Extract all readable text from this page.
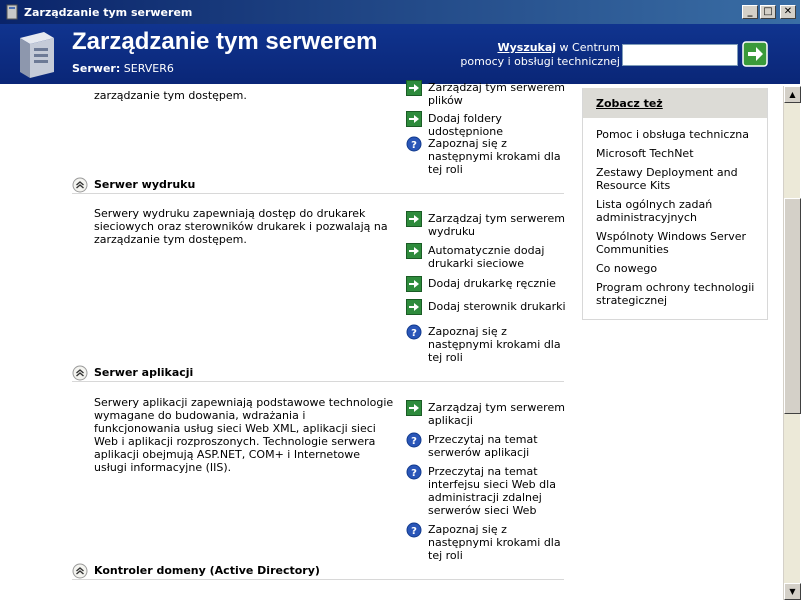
Zarządzanie tym serwerem	_	□	✕
Zarządzanie tym serwerem
Serwer: SERVER6
Wyszukaj w Centrum pomocy i obsługi technicznej
zarządzanie tym dostępem.
Zarządzaj tym serwerem plików
Dodaj foldery udostępnione
? Zapoznaj się z następnymi krokami dla tej roli
Serwer wydruku
Serwery wydruku zapewniają dostęp do drukarek sieciowych oraz sterowników drukarek i pozwalają na zarządzanie tym dostępem.
Zarządzaj tym serwerem wydruku
Automatycznie dodaj drukarki sieciowe
Dodaj drukarkę ręcznie
Dodaj sterownik drukarki
? Zapoznaj się z następnymi krokami dla tej roli
Serwer aplikacji
Serwery aplikacji zapewniają podstawowe technologie wymagane do budowania, wdrażania i funkcjonowania usług sieci Web XML, aplikacji sieci Web i aplikacji rozproszonych. Technologie serwera aplikacji obejmują ASP.NET, COM+ i Internetowe usługi informacyjne (IIS).
Zarządzaj tym serwerem aplikacji
? Przeczytaj na temat serwerów aplikacji
? Przeczytaj na temat interfejsu sieci Web dla administracji zdalnej serwerów sieci Web
? Zapoznaj się z następnymi krokami dla tej roli
Kontroler domeny (Active Directory)
Zobacz też
Pomoc i obsługa techniczna
Microsoft TechNet
Zestawy Deployment and Resource Kits
Lista ogólnych zadań administracyjnych
Wspólnoty Windows Server Communities
Co nowego
Program ochrony technologii strategicznej
▲
▼
